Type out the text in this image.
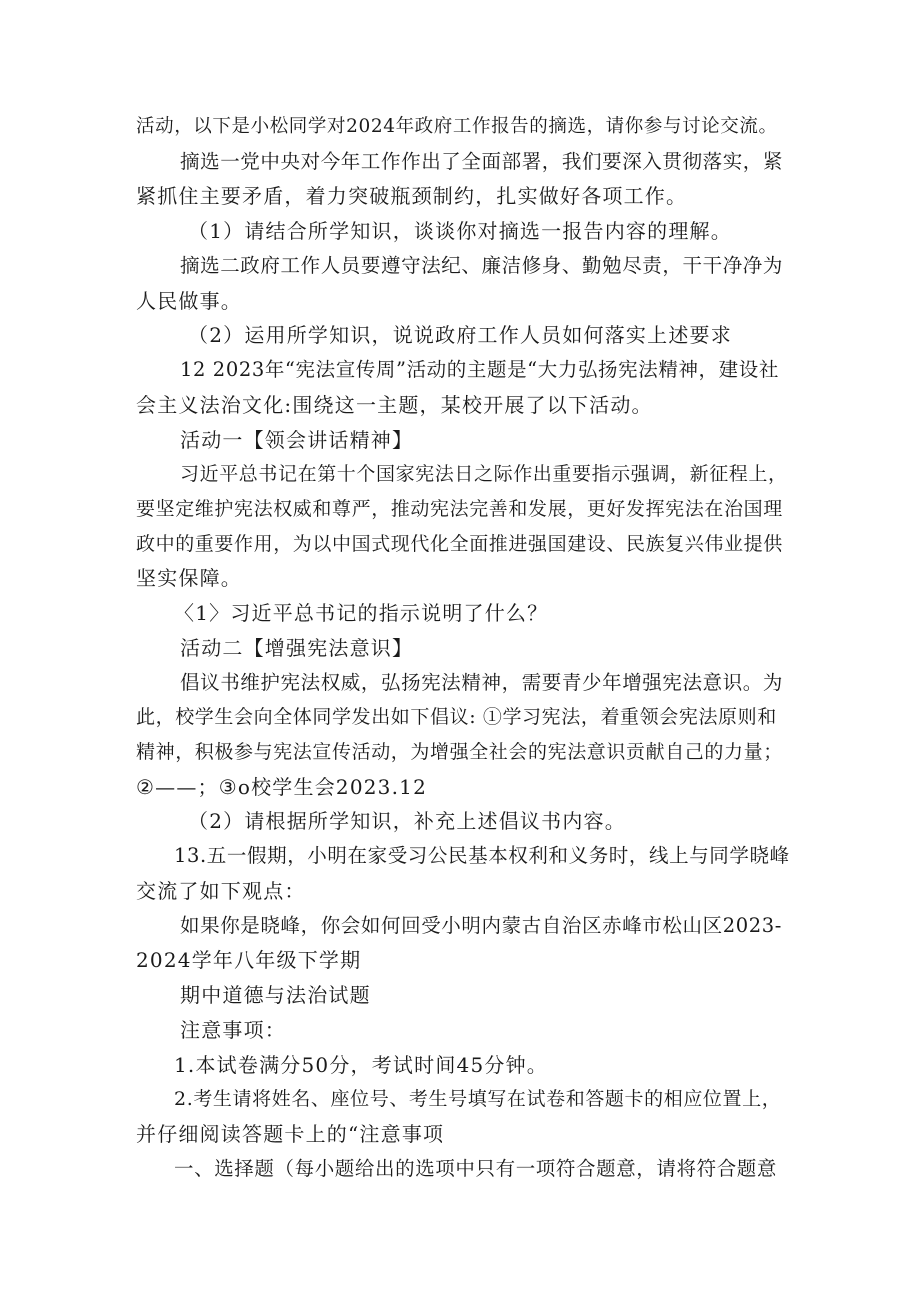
活动，以下是小松同学对2024年政府工作报告的摘选，请你参与讨论交流。
摘选一党中央对今年工作作出了全面部署，我们要深入贯彻落实，紧
紧抓住主要矛盾，着力突破瓶颈制约，扎实做好各项工作。
（1）请结合所学知识，谈谈你对摘选一报告内容的理解。
摘选二政府工作人员要遵守法纪、廉洁修身、勤勉尽责，干干净净为
人民做事。
（2）运用所学知识，说说政府工作人员如何落实上述要求
12 2023年“宪法宣传周”活动的主题是“大力弘扬宪法精神，建设社
会主义法治文化:围绕这一主题，某校开展了以下活动。
活动一【领会讲话精神】
习近平总书记在第十个国家宪法日之际作出重要指示强调，新征程上，
要坚定维护宪法权威和尊严，推动宪法完善和发展，更好发挥宪法在治国理
政中的重要作用，为以中国式现代化全面推进强国建设、民族复兴伟业提供
坚实保障。
〈1〉习近平总书记的指示说明了什么？
活动二【增强宪法意识】
倡议书维护宪法权威，弘扬宪法精神，需要青少年增强宪法意识。为
此，校学生会向全体同学发出如下倡议: ①学习宪法，着重领会宪法原则和
精神，积极参与宪法宣传活动，为增强全社会的宪法意识贡献自己的力量；
②——；③o校学生会2023.12
（2）请根据所学知识，补充上述倡议书内容。
13.五一假期，小明在家受习公民基本权利和义务时，线上与同学晓峰
交流了如下观点：
如果你是晓峰，你会如何回受小明内蒙古自治区赤峰市松山区2023-
2024学年八年级下学期
期中道德与法治试题
注意事项：
1.本试卷满分50分，考试时间45分钟。
2.考生请将姓名、座位号、考生号填写在试卷和答题卡的相应位置上，
并仔细阅读答题卡上的“注意事项
一、选择题（每小题给出的选项中只有一项符合题意，请将符合题意
